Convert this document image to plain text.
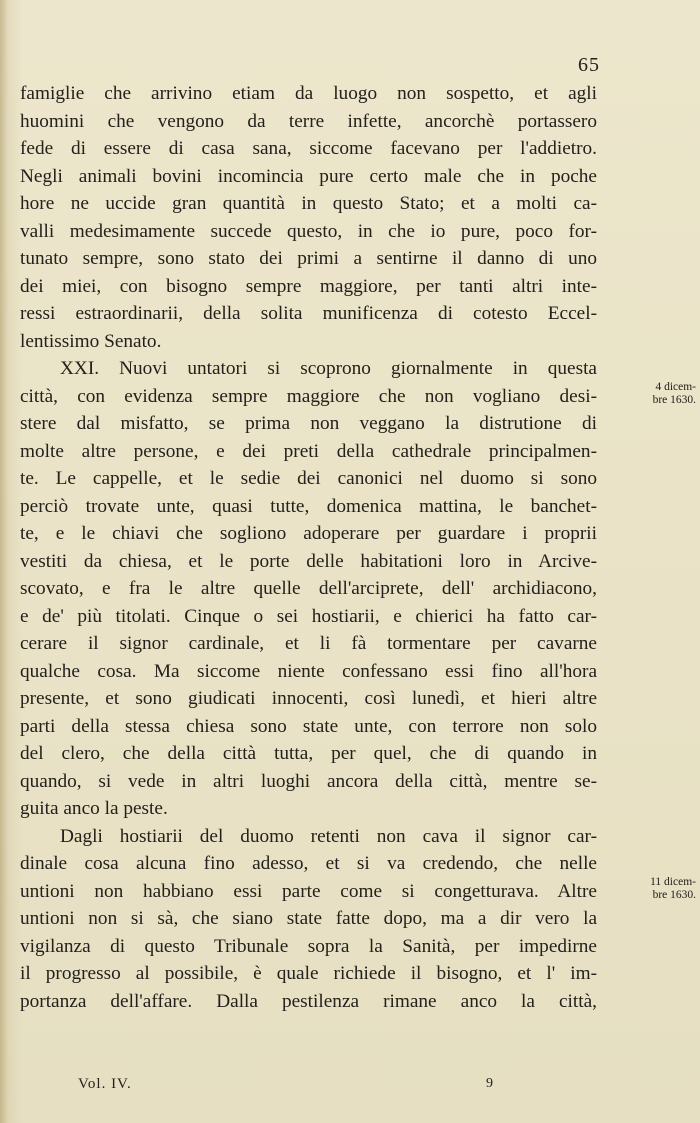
65
famiglie che arrivino etiam da luogo non sospetto, et agli
huomini che vengono da terre infette, ancorchè portassero
fede di essere di casa sana, siccome facevano per l'addietro.
Negli animali bovini incomincia pure certo male che in poche
hore ne uccide gran quantità in questo Stato; et a molti ca-
valli medesimamente succede questo, in che io pure, poco for-
tunato sempre, sono stato dei primi a sentirne il danno di uno
dei miei, con bisogno sempre maggiore, per tanti altri inte-
ressi estraordinarii, della solita munificenza di cotesto Eccel-
lentissimo Senato.
XXI. Nuovi untatori si scoprono giornalmente in questa
città, con evidenza sempre maggiore che non vogliano desi-
stere dal misfatto, se prima non veggano la distrutione di
molte altre persone, e dei preti della cathedrale principalmen-
te. Le cappelle, et le sedie dei canonici nel duomo si sono
perciò trovate unte, quasi tutte, domenica mattina, le banchet-
te, e le chiavi che sogliono adoperare per guardare i proprii
vestiti da chiesa, et le porte delle habitationi loro in Arcive-
scovato, e fra le altre quelle dell'arciprete, dell' archidiacono,
e de' più titolati. Cinque o sei hostiarii, e chierici ha fatto car-
cerare il signor cardinale, et li fà tormentare per cavarne
qualche cosa. Ma siccome niente confessano essi fino all'hora
presente, et sono giudicati innocenti, così lunedì, et hieri altre
parti della stessa chiesa sono state unte, con terrore non solo
del clero, che della città tutta, per quel, che di quando in
quando, si vede in altri luoghi ancora della città, mentre se-
guita anco la peste.
Dagli hostiarii del duomo retenti non cava il signor car-
dinale cosa alcuna fino adesso, et si va credendo, che nelle
untioni non habbiano essi parte come si congetturava. Altre
untioni non si sà, che siano state fatte dopo, ma a dir vero la
vigilanza di questo Tribunale sopra la Sanità, per impedirne
il progresso al possibile, è quale richiede il bisogno, et l' im-
portanza dell'affare. Dalla pestilenza rimane anco la città,
4 dicem-
bre 1630.
11 dicem-
bre 1630.
Vol. IV.	9
